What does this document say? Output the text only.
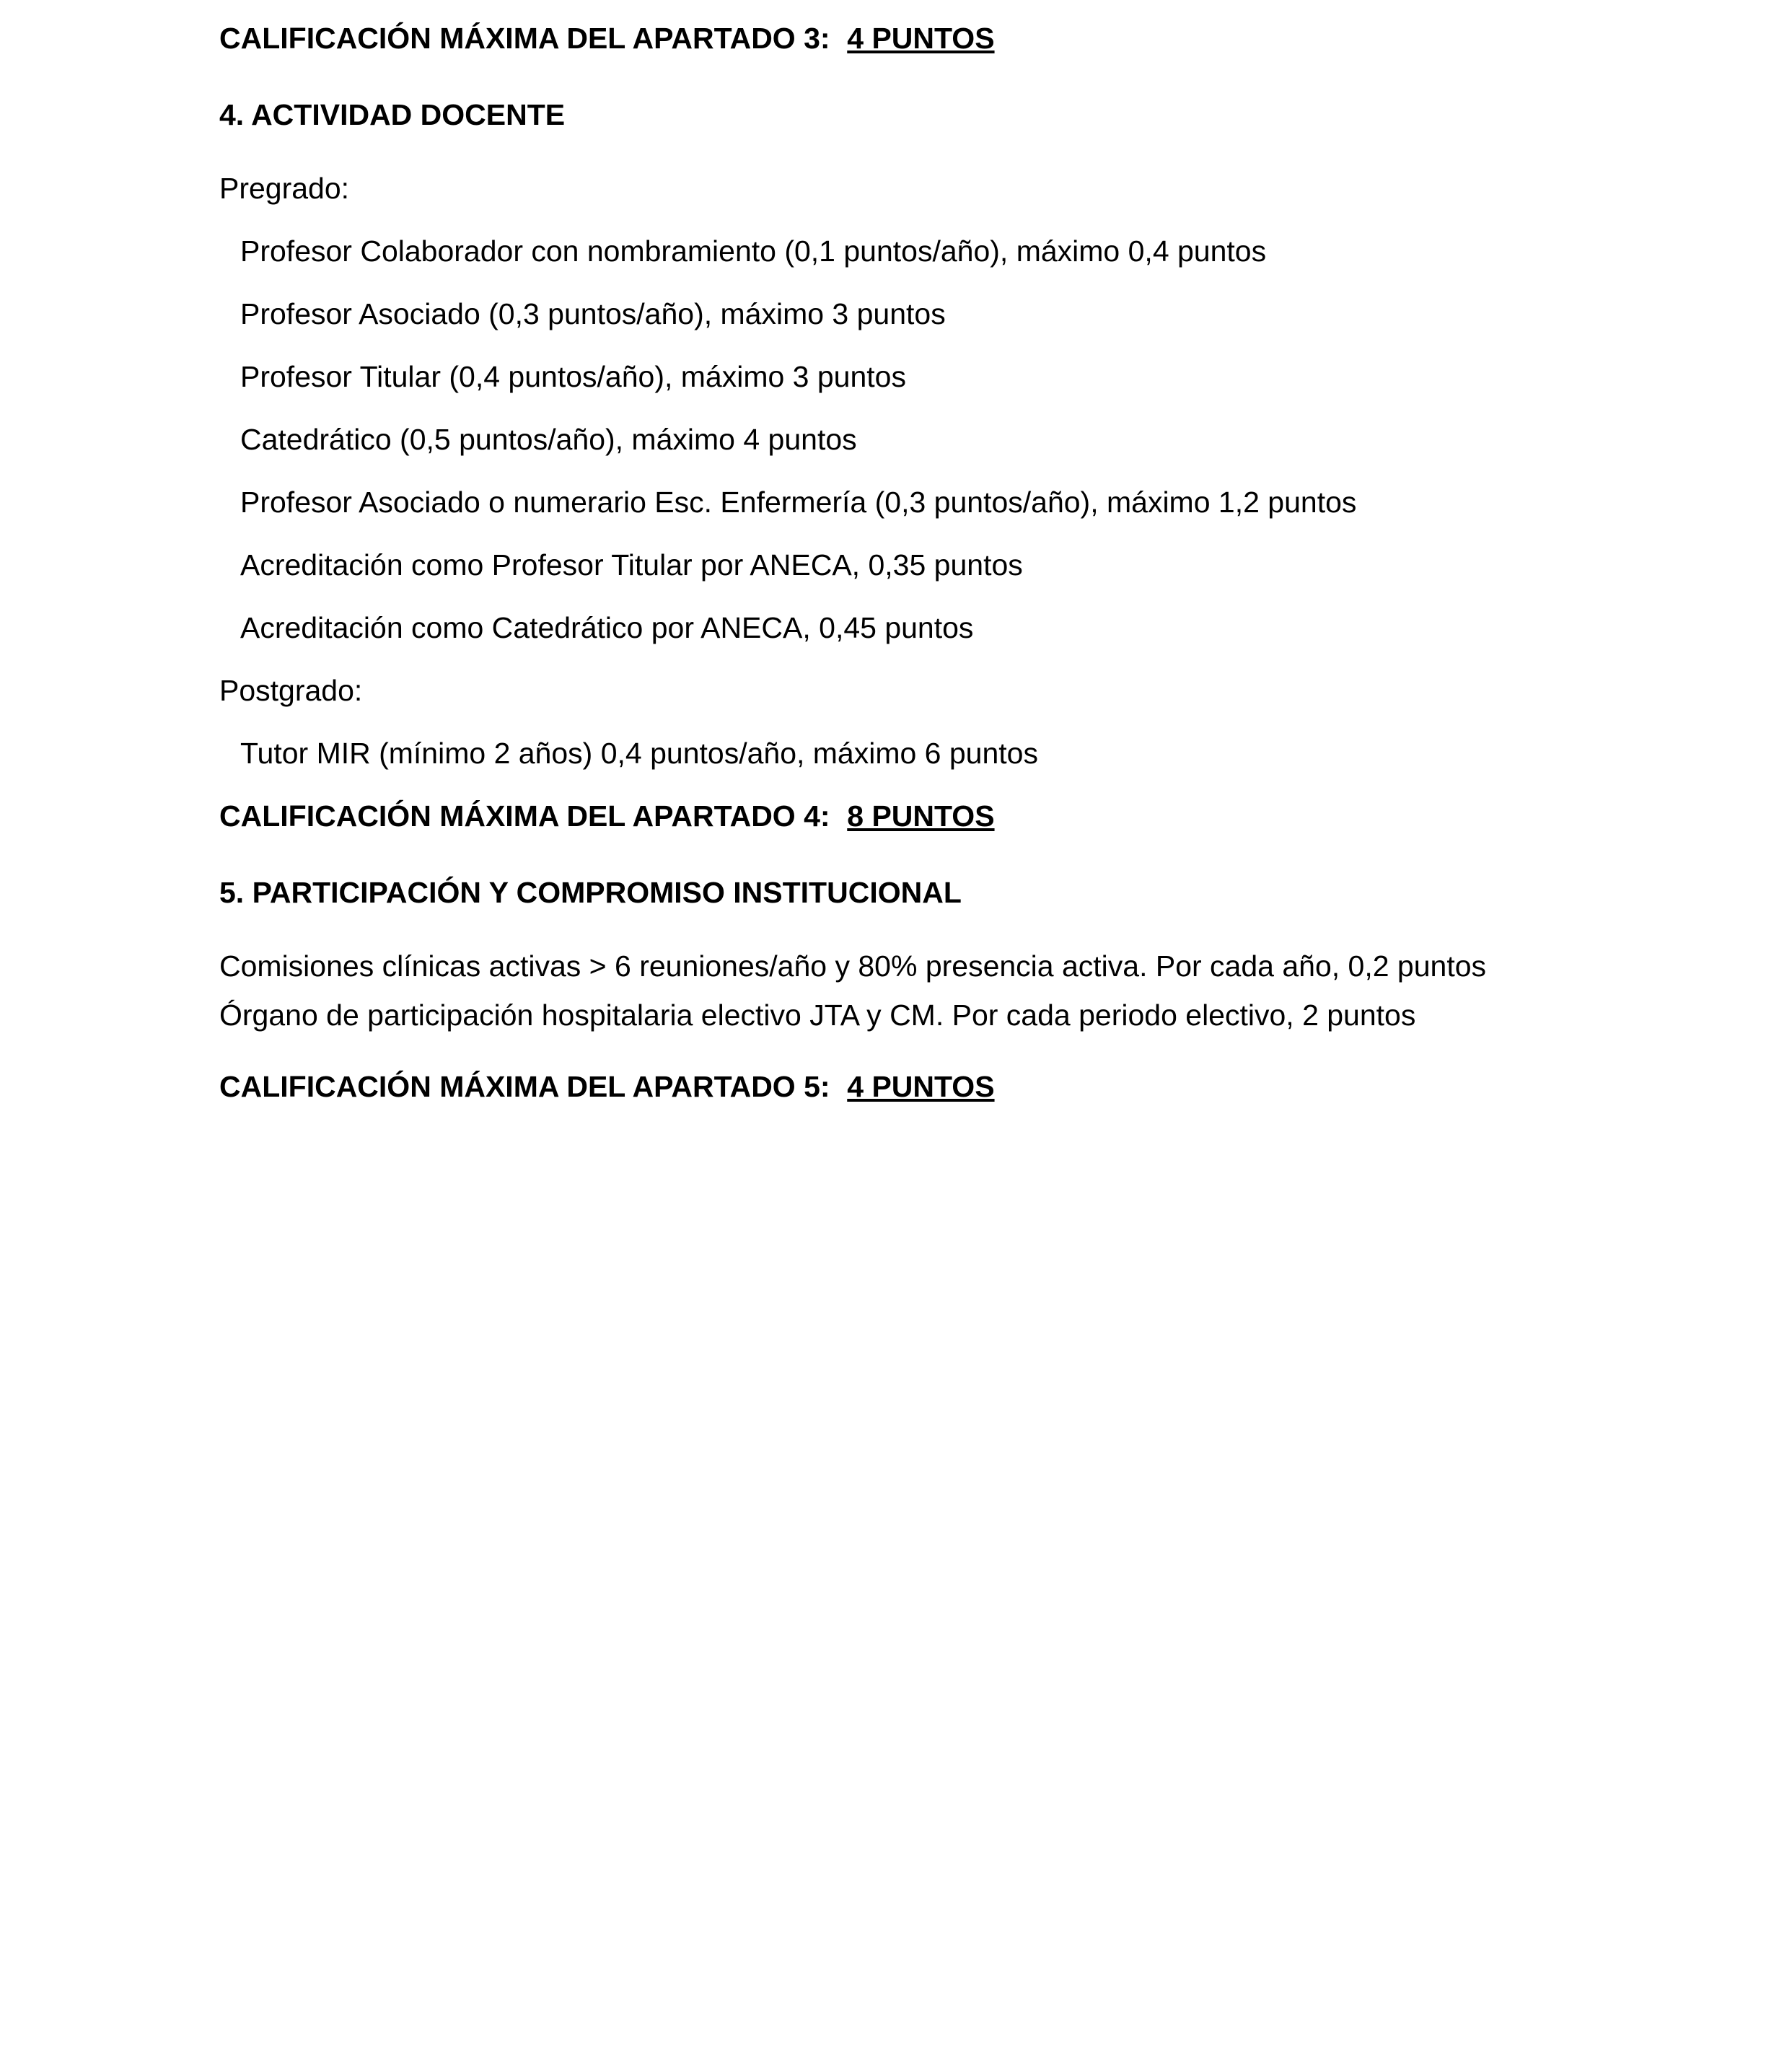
CALIFICACIÓN MÁXIMA DEL APARTADO 3: 4 PUNTOS

4. ACTIVIDAD DOCENTE

Pregrado:

Profesor Colaborador con nombramiento (0,1 puntos/año), máximo 0,4 puntos

Profesor Asociado (0,3 puntos/año), máximo 3 puntos

Profesor Titular (0,4 puntos/año), máximo 3 puntos

Catedrático (0,5 puntos/año), máximo 4 puntos

Profesor Asociado o numerario Esc. Enfermería (0,3 puntos/año), máximo 1,2 puntos

Acreditación como Profesor Titular por ANECA, 0,35 puntos

Acreditación como Catedrático por ANECA, 0,45 puntos

Postgrado:

Tutor MIR (mínimo 2 años) 0,4 puntos/año, máximo 6 puntos

CALIFICACIÓN MÁXIMA DEL APARTADO 4: 8 PUNTOS

5. PARTICIPACIÓN Y COMPROMISO INSTITUCIONAL

Comisiones clínicas activas > 6 reuniones/año y 80% presencia activa. Por cada año, 0,2 puntos

Órgano de participación hospitalaria electivo JTA y CM. Por cada periodo electivo, 2 puntos

CALIFICACIÓN MÁXIMA DEL APARTADO 5: 4 PUNTOS
